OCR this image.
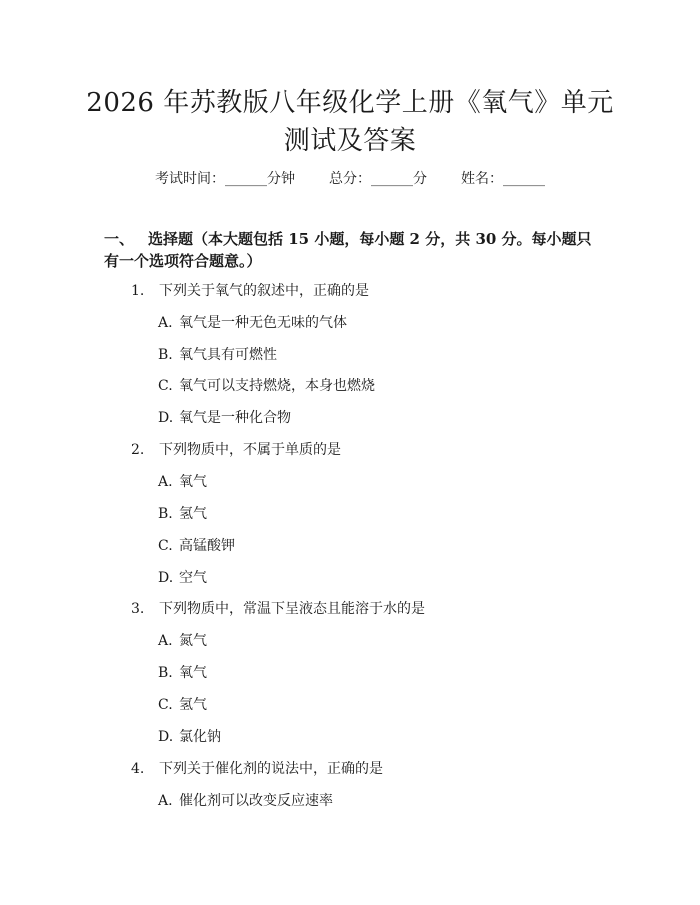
2026 年苏教版八年级化学上册《氧气》单元
测试及答案
考试时间：______分钟 总分：______分 姓名：______
一、 选择题（本大题包括 15 小题，每小题 2 分，共 30 分。每小题只有一个选项符合题意。）
1. 下列关于氧气的叙述中，正确的是
A. 氧气是一种无色无味的气体
B. 氧气具有可燃性
C. 氧气可以支持燃烧，本身也燃烧
D. 氧气是一种化合物
2. 下列物质中，不属于单质的是
A. 氧气
B. 氢气
C. 高锰酸钾
D. 空气
3. 下列物质中，常温下呈液态且能溶于水的是
A. 氮气
B. 氧气
C. 氢气
D. 氯化钠
4. 下列关于催化剂的说法中，正确的是
A. 催化剂可以改变反应速率
